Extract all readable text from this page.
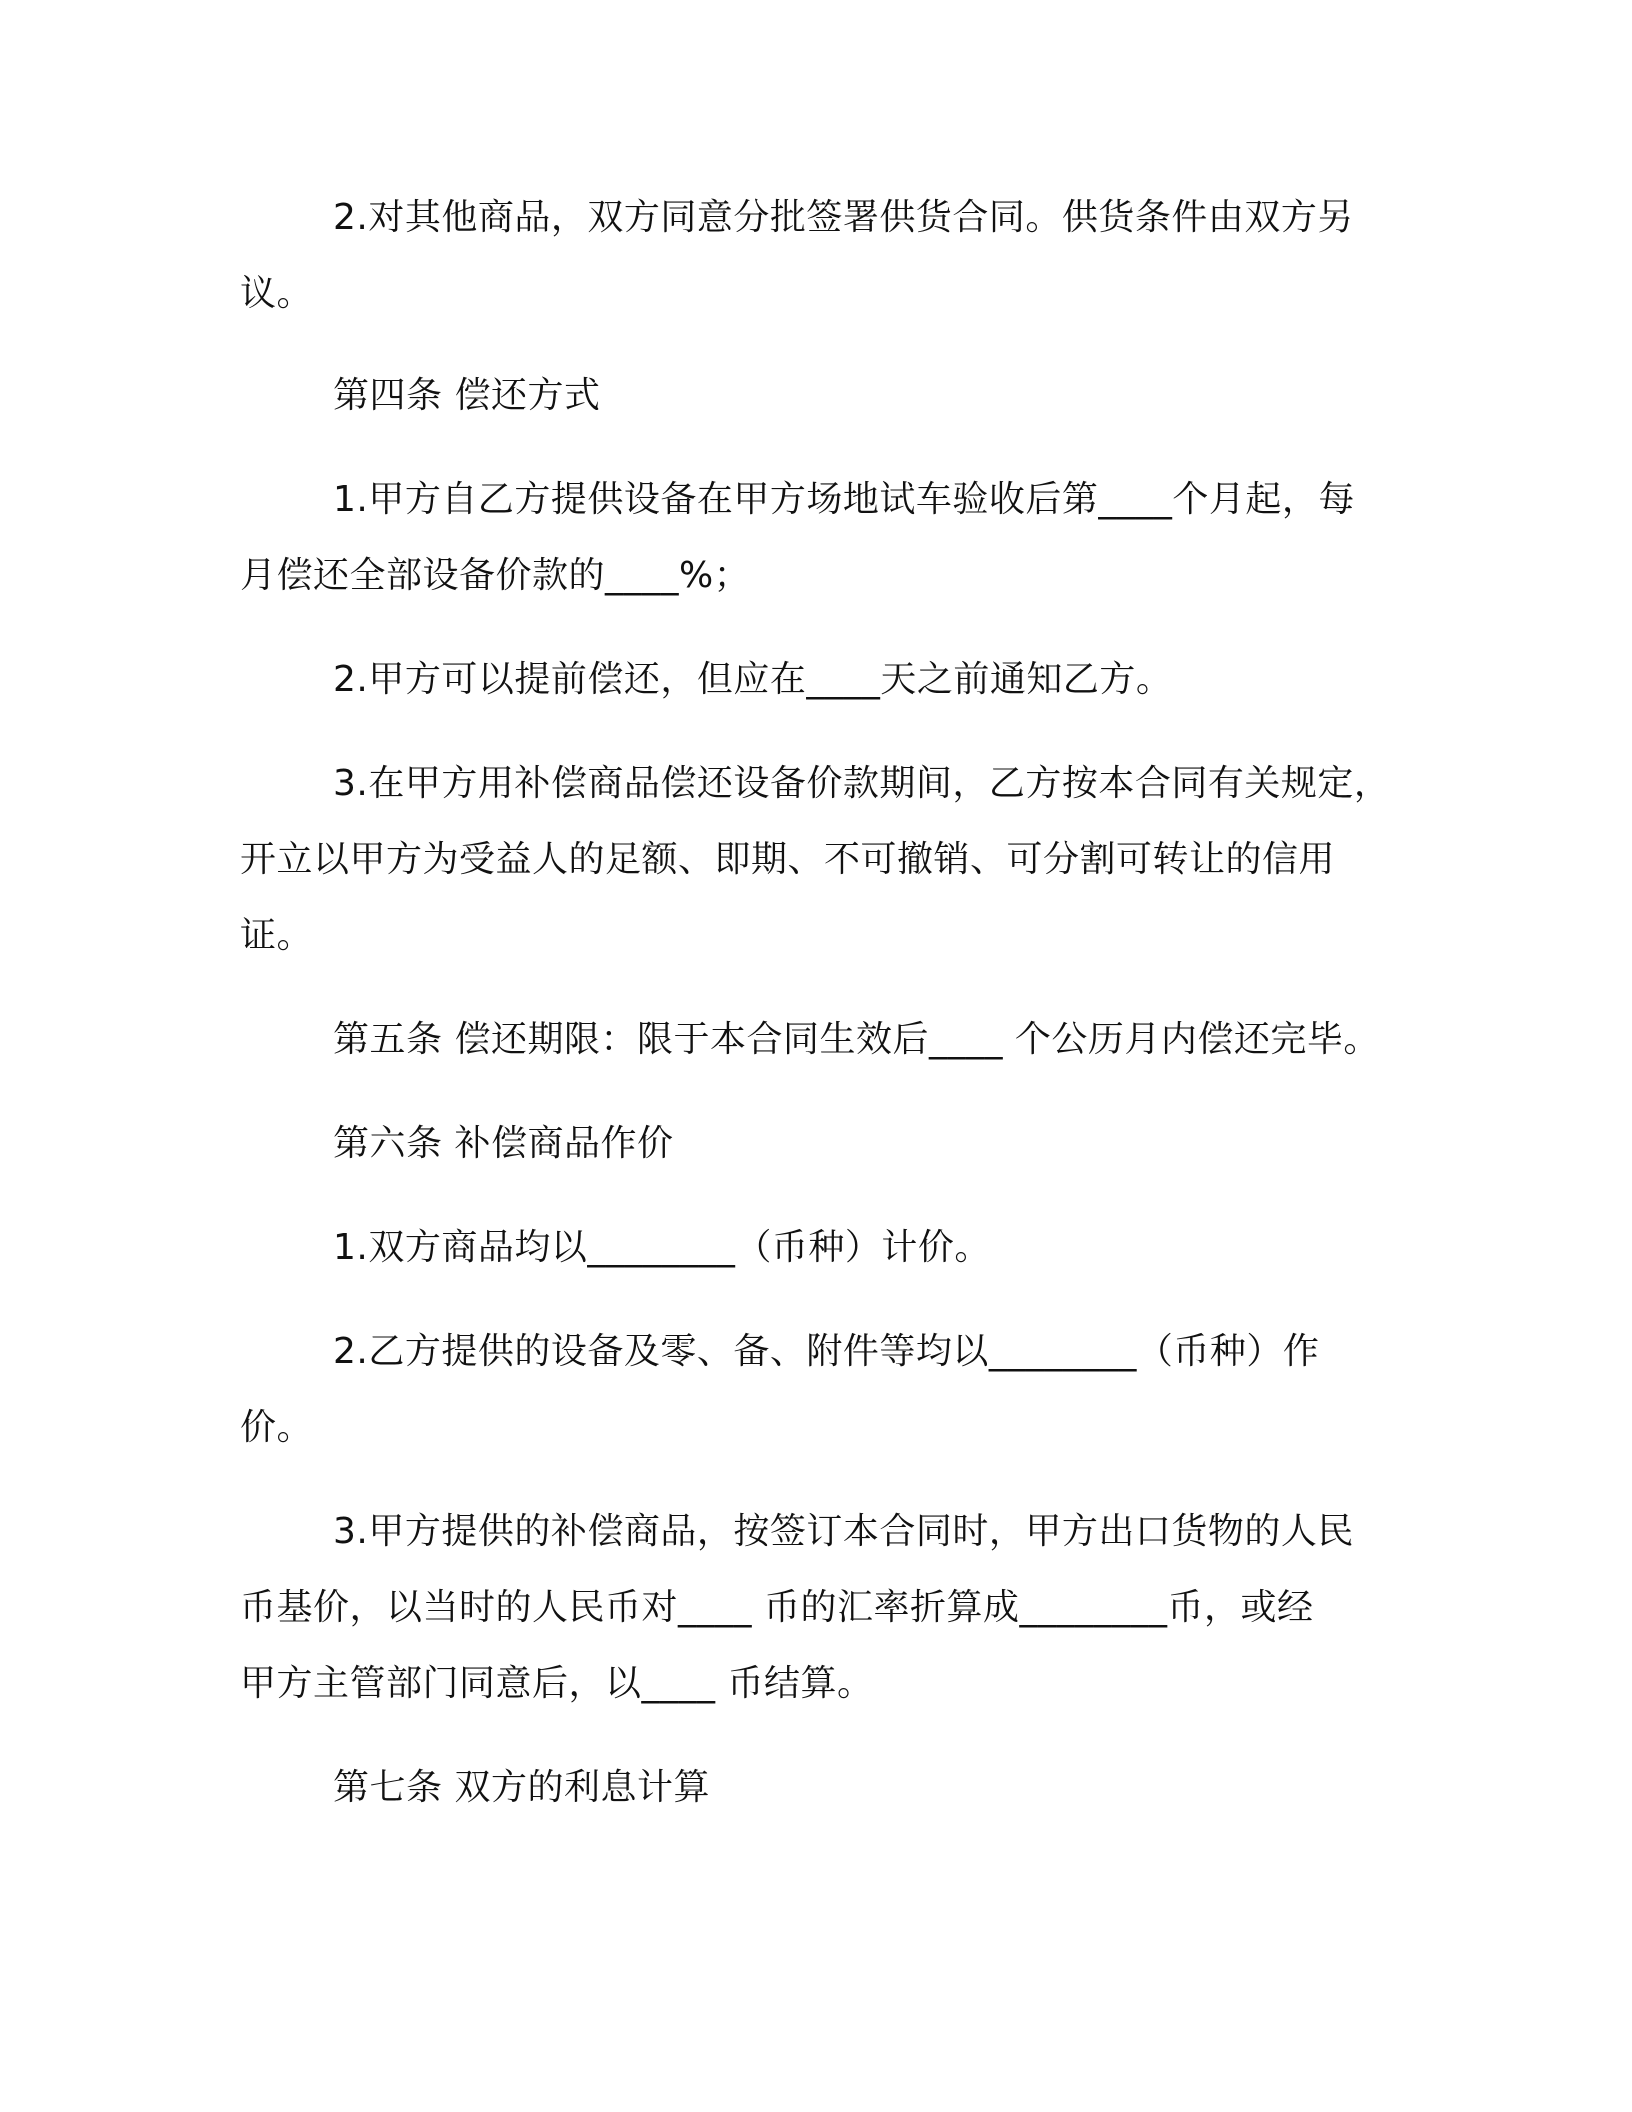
2.对其他商品，双方同意分批签署供货合同。供货条件由双方另
议。
第四条 偿还方式
1.甲方自乙方提供设备在甲方场地试车验收后第____个月起，每
月偿还全部设备价款的____%；
2.甲方可以提前偿还，但应在____天之前通知乙方。
3.在甲方用补偿商品偿还设备价款期间，乙方按本合同有关规定，
开立以甲方为受益人的足额、即期、不可撤销、可分割可转让的信用
证。
第五条 偿还期限：限于本合同生效后____ 个公历月内偿还完毕。
第六条 补偿商品作价
1.双方商品均以________（币种）计价。
2.乙方提供的设备及零、备、附件等均以________（币种）作
价。
3.甲方提供的补偿商品，按签订本合同时，甲方出口货物的人民
币基价，以当时的人民币对____ 币的汇率折算成________币，或经
甲方主管部门同意后，以____ 币结算。
第七条 双方的利息计算
